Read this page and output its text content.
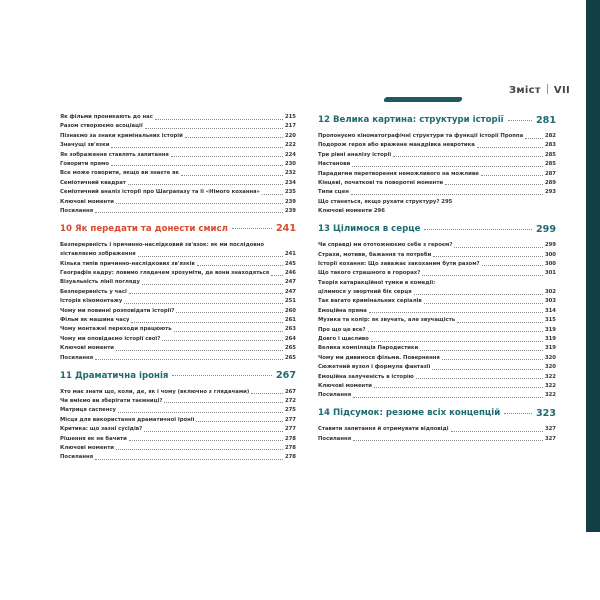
Зміст VII
Як фільми проникають до нас	215
Разом створюємо асоціації	217
Пізнаємо за знаки кримінальних історій	220
Значущі зв'язки	222
Як зображення ставлять запитання	224
Говорити прямо	230
Все може говорити, якщо ви знаєте як	232
Семіотичний квадрат	234
Семіотичний аналіз історії про Шаграпазу та її «Німого кохання»	235
Ключові моменти	239
Посилання	239
10 Як передати та донести смисл	241
Безперервність і причинно-наслідковий зв'язок: як ми послідовно
зіставляємо зображення	241
Кілька типів причинно-наслідкових зв'язків	245
Географія кадру: ловимо глядачем зрозуміти, де вони знаходяться	246
Візуальність лінії погляду	247
Безперервність у часі	247
Історія кіномонтажу	251
Чому ми повинні розповідати історії?	260
Фільм як машина часу	261
Чому монтажні переходи працюють	263
Чому ми оповідаємо історії свої?	264
Ключові моменти	265
Посилання	265
11 Драматична іронія	267
Хто має знати що, коли, де, як і чому (включно з глядачами)	267
Чи вміємо ви зберігати таємниці?	272
Матриця саспенсу	275
Місця для використання драматичної іронії	277
Критика: що зазні сусідів?	277
Рішення як не бачити	278
Ключові моменти	278
Посилання	278
12 Велика картина: структури історії	281
Пропонуємо кіноматографічні структури та функції історії Проппа	282
Подорож героя або вражене мандрівка невротика	283
Три рівні аналізу історії	285
Настанови	285
Парадигми перетворення неможливого на можливе	287
Кінцеві, початкові та поворотні моменти	289
Типи сцен	293
Що станеться, якщо рухати структуру? 295
Ключові моменти 296
13 Цілимося в серце	299
Чи справді ми ототожнюємо себе з героєм?	299
Страхи, мотиви, бажання та потреби	300
Історії кохання: Що заважає закоханим бути разом?	300
Що такого страшного в горорах?	301
Теорія катаракційної тумки в комедії:
цілимося у звортний бік серця	302
Так вагато кримінальних серіалів	303
Емоційна пряма	314
Музика та колір: як звучать, але звучащість	315
Про що це все?	319
Довго і щасливо	319
Велика компіляція Пародистики	319
Чому ми дивимося фільми. Повернення	320
Сюжетний вузол і формула фантазії	320
Емоційна залученість в історію	322
Ключові моменти	322
Посилання	322
14 Підсумок: резюме всіх концепцій	323
Ставити запитання й отримувати відповіді	327
Посилання	327
